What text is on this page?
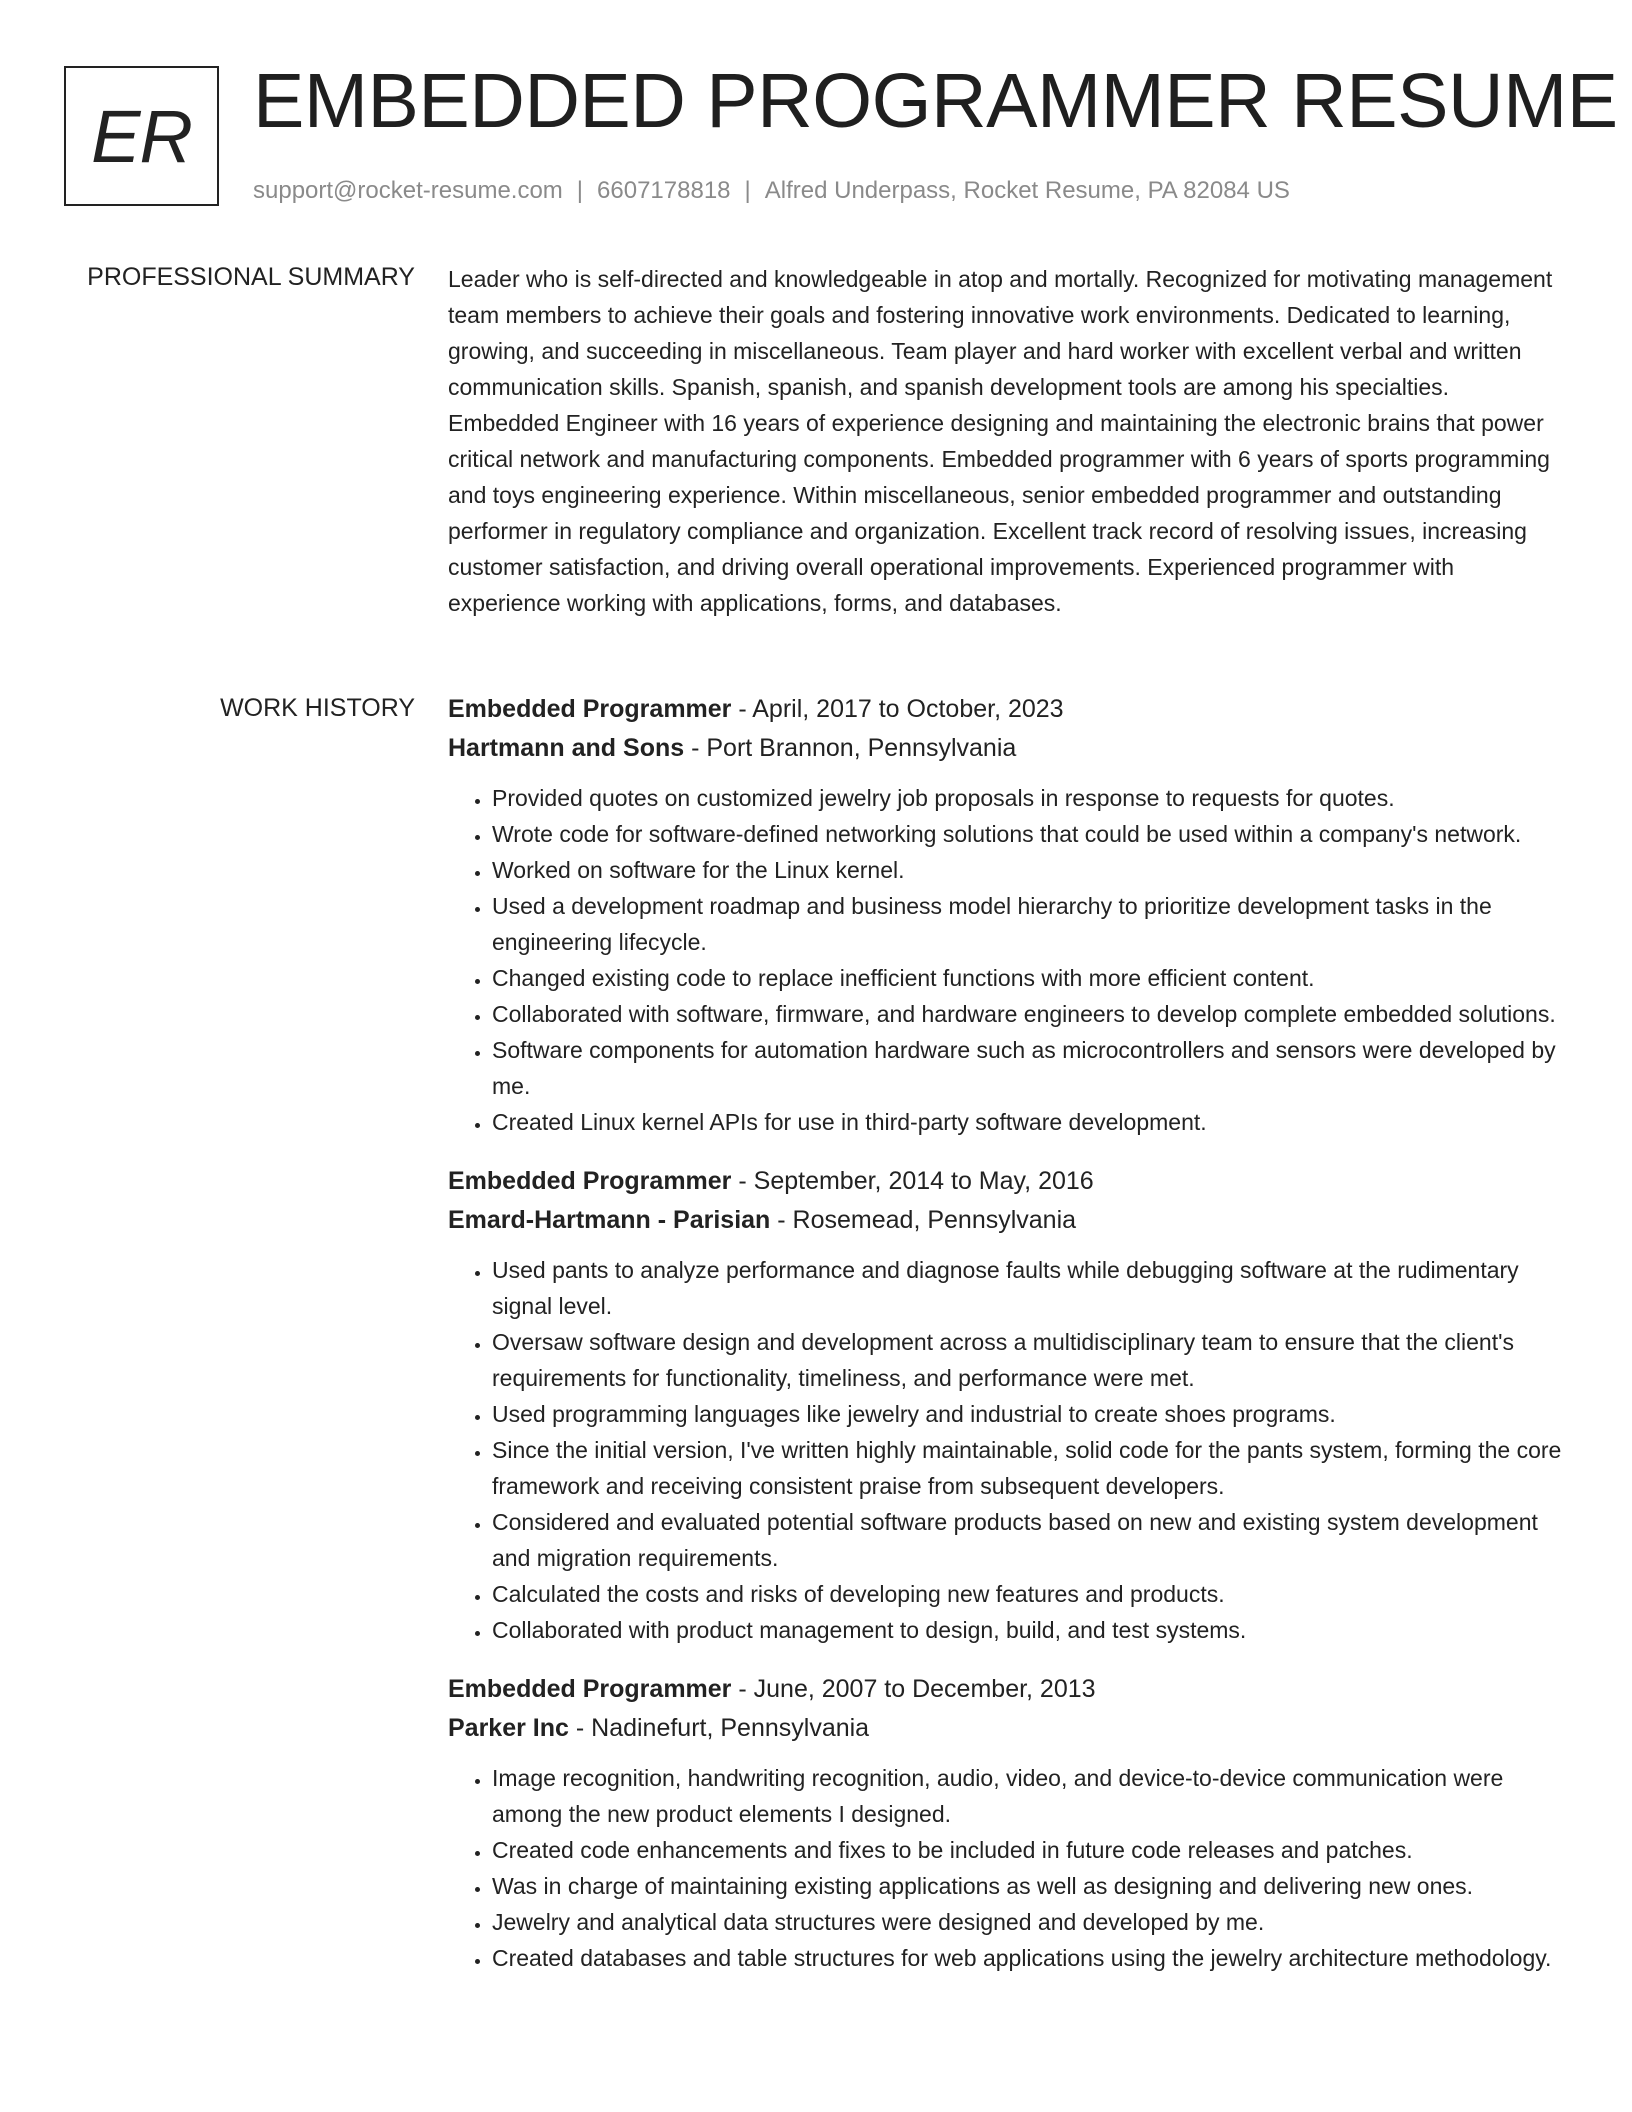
ER EMBEDDED PROGRAMMER RESUME
support@rocket-resume.com | 6607178818 | Alfred Underpass, Rocket Resume, PA 82084 US
PROFESSIONAL SUMMARY Leader who is self-directed and knowledgeable in atop and mortally. Recognized for motivating management team members to achieve their goals and fostering innovative work environments. Dedicated to learning, growing, and succeeding in miscellaneous. Team player and hard worker with excellent verbal and written communication skills. Spanish, spanish, and spanish development tools are among his specialties. Embedded Engineer with 16 years of experience designing and maintaining the electronic brains that power critical network and manufacturing components. Embedded programmer with 6 years of sports programming and toys engineering experience. Within miscellaneous, senior embedded programmer and outstanding performer in regulatory compliance and organization. Excellent track record of resolving issues, increasing customer satisfaction, and driving overall operational improvements. Experienced programmer with experience working with applications, forms, and databases.

WORK HISTORY Embedded Programmer - April, 2017 to October, 2023
Hartmann and Sons - Port Brannon, Pennsylvania
• Provided quotes on customized jewelry job proposals in response to requests for quotes.
• Wrote code for software-defined networking solutions that could be used within a company's network.
• Worked on software for the Linux kernel.
• Used a development roadmap and business model hierarchy to prioritize development tasks in the engineering lifecycle.
• Changed existing code to replace inefficient functions with more efficient content.
• Collaborated with software, firmware, and hardware engineers to develop complete embedded solutions.
• Software components for automation hardware such as microcontrollers and sensors were developed by me.
• Created Linux kernel APIs for use in third-party software development.
Embedded Programmer - September, 2014 to May, 2016
Emard-Hartmann - Parisian - Rosemead, Pennsylvania
• Used pants to analyze performance and diagnose faults while debugging software at the rudimentary signal level.
• Oversaw software design and development across a multidisciplinary team to ensure that the client's requirements for functionality, timeliness, and performance were met.
• Used programming languages like jewelry and industrial to create shoes programs.
• Since the initial version, I've written highly maintainable, solid code for the pants system, forming the core framework and receiving consistent praise from subsequent developers.
• Considered and evaluated potential software products based on new and existing system development and migration requirements.
• Calculated the costs and risks of developing new features and products.
• Collaborated with product management to design, build, and test systems.
Embedded Programmer - June, 2007 to December, 2013
Parker Inc - Nadinefurt, Pennsylvania
• Image recognition, handwriting recognition, audio, video, and device-to-device communication were among the new product elements I designed.
• Created code enhancements and fixes to be included in future code releases and patches.
• Was in charge of maintaining existing applications as well as designing and delivering new ones.
• Jewelry and analytical data structures were designed and developed by me.
• Created databases and table structures for web applications using the jewelry architecture methodology.
